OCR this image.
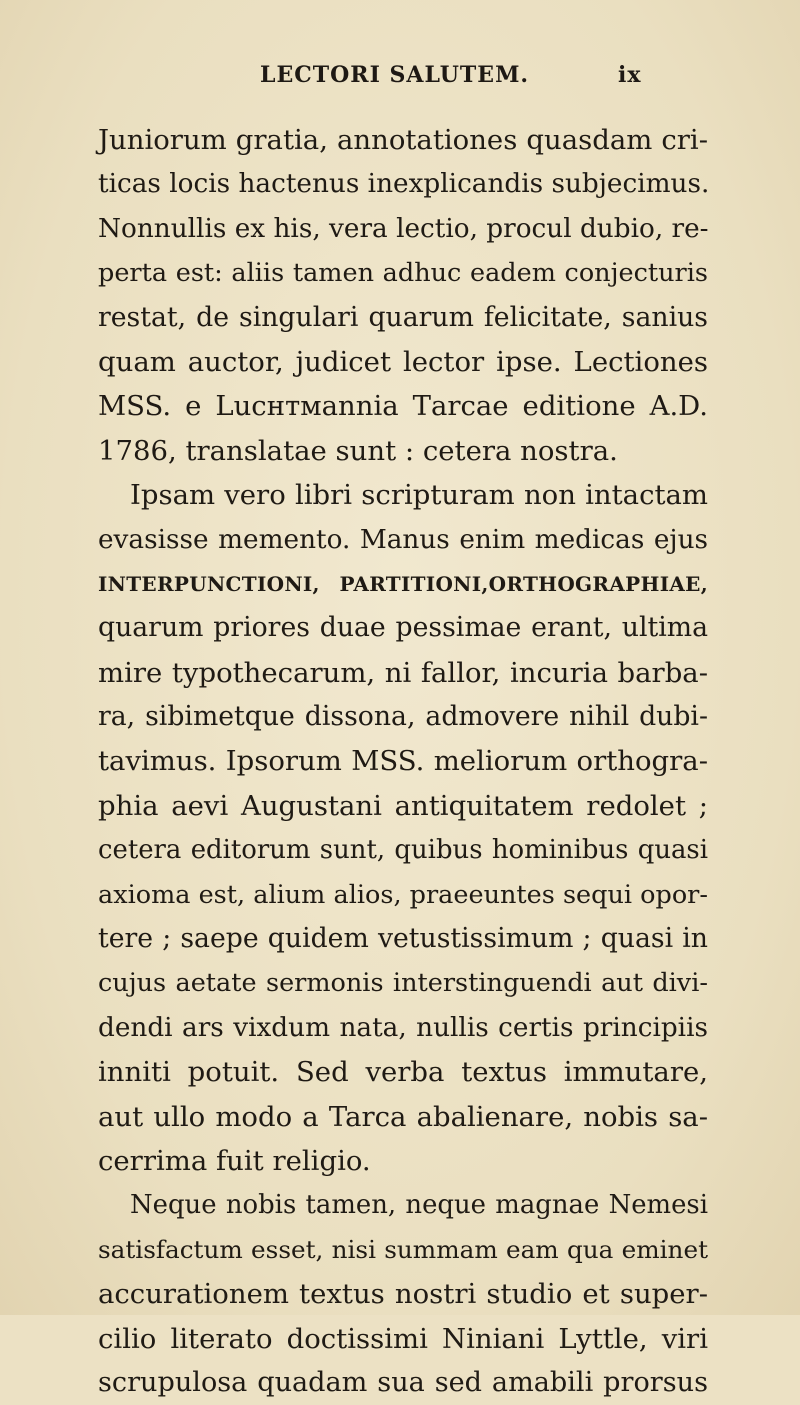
LECTORI SALUTEM.	ix
Juniorum gratia, annotationes quasdam cri-
ticas locis hactenus inexplicandis subjecimus.
Nonnullis ex his, vera lectio, procul dubio, re-
perta est: aliis tamen adhuc eadem conjecturis
restat, de singulari quarum felicitate, sanius
quam auctor, judicet lector ipse. Lectiones
MSS. e Lucнтмаnnia Тarсае editione A.D.
1786, translatae sunt : cetera nostra.
Ipsam vero libri scripturam non intactam
evasisse memento. Manus enim medicas ejus
INTERPUNCTIONI, PARTITIONI,ORTHOGRAPHIAE,
quarum priores duae pessimae erant, ultima
mire typothecarum, ni fallor, incuria barba-
ra, sibimetque dissona, admovere nihil dubi-
tavimus. Ipsorum MSS. meliorum orthogra-
phia aevi Augustani antiquitatem redolet ;
cetera editorum sunt, quibus hominibus quasi
axioma est, alium alios, praeeuntes sequi opor-
tere ; saepe quidem vetustissimum ; quasi in
cujus aetate sermonis interstinguendi aut divi-
dendi ars vixdum nata, nullis certis principiis
inniti potuit. Sed verba textus immutare,
aut ullo modo a Tarca abalienare, nobis sa-
cerrima fuit religio.
Neque nobis tamen, neque magnae Nemesi
satisfactum esset, nisi summam eam qua eminet
accurationem textus nostri studio et super-
cilio literato doctissimi Niniani Lyttle, viri
scrupulosa quadam sua sed amabili prorsus
